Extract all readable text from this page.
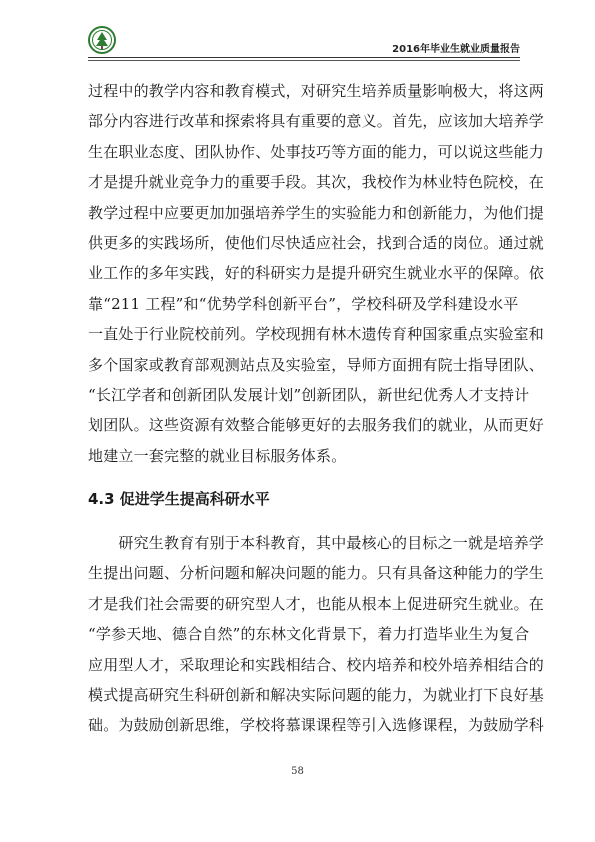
2016年毕业生就业质量报告

过程中的教学内容和教育模式，对研究生培养质量影响极大，将这两

部分内容进行改革和探索将具有重要的意义。首先，应该加大培养学

生在职业态度、团队协作、处事技巧等方面的能力，可以说这些能力

才是提升就业竞争力的重要手段。其次，我校作为林业特色院校，在

教学过程中应要更加加强培养学生的实验能力和创新能力，为他们提

供更多的实践场所，使他们尽快适应社会，找到合适的岗位。通过就

业工作的多年实践，好的科研实力是提升研究生就业水平的保障。依

靠“211 工程”和“优势学科创新平台”，学校科研及学科建设水平

一直处于行业院校前列。学校现拥有林木遗传育种国家重点实验室和

多个国家或教育部观测站点及实验室，导师方面拥有院士指导团队、

“长江学者和创新团队发展计划”创新团队，新世纪优秀人才支持计

划团队。这些资源有效整合能够更好的去服务我们的就业，从而更好

地建立一套完整的就业目标服务体系。

4.3 促进学生提高科研水平

　　研究生教育有别于本科教育，其中最核心的目标之一就是培养学

生提出问题、分析问题和解决问题的能力。只有具备这种能力的学生

才是我们社会需要的研究型人才，也能从根本上促进研究生就业。在

“学参天地、德合自然”的东林文化背景下，着力打造毕业生为复合

应用型人才，采取理论和实践相结合、校内培养和校外培养相结合的

模式提高研究生科研创新和解决实际问题的能力，为就业打下良好基

础。为鼓励创新思维，学校将慕课课程等引入选修课程，为鼓励学科

58
